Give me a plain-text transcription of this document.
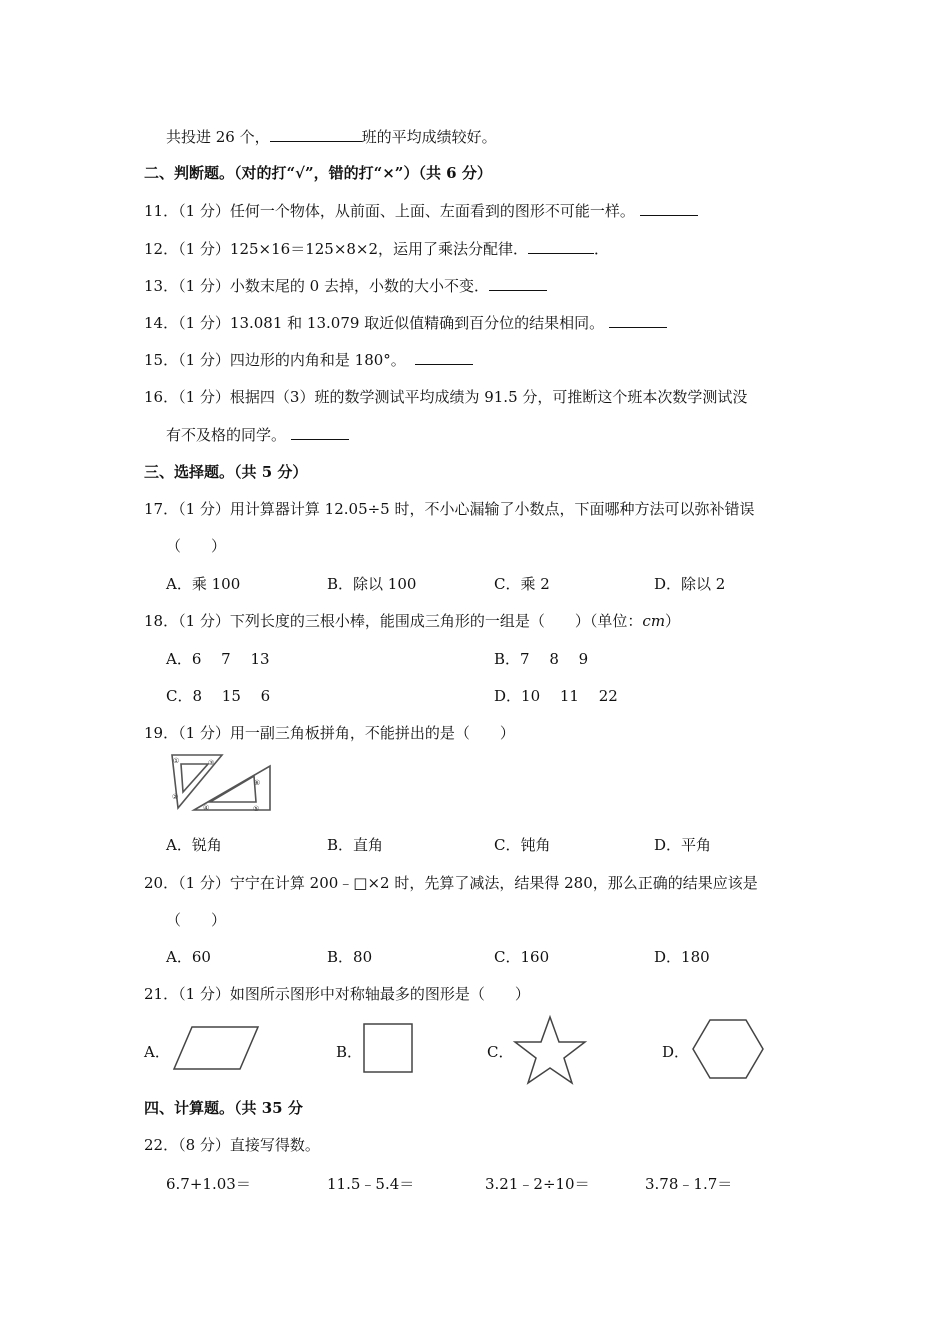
共投进 26 个，	班的平均成绩较好。
二、判断题。（对的打“√”，错的打“×”）（共 6 分）
11．（1 分）任何一个物体，从前面、上面、左面看到的图形不可能一样。
12．（1 分）125×16＝125×8×2，运用了乘法分配律．	．
13．（1 分）小数末尾的 0 去掉，小数的大小不变．
14．（1 分）13.081 和 13.079 取近似值精确到百分位的结果相同。
15．（1 分）四边形的内角和是 180°。
16．（1 分）根据四（3）班的数学测试平均成绩为 91.5 分，可推断这个班本次数学测试没
有不及格的同学。
三、选择题。（共 5 分）
17．（1 分）用计算器计算 12.05÷5 时，不小心漏输了小数点，下面哪种方法可以弥补错误
（　　）
A．乘 100	B．除以 100	C．乘 2	D．除以 2
18．（1 分）下列长度的三根小棒，能围成三角形的一组是（　　）（单位：cm）
A．6　 7　 13	B．7　 8　 9
C．8　 15　 6	D．10　 11　 22
19．（1 分）用一副三角板拼角，不能拼出的是（　　）
①
②
③
④	⑤
⑥
A．锐角	B．直角	C．钝角	D．平角
20．（1 分）宁宁在计算 200﹣□×2 时，先算了减法，结果得 280，那么正确的结果应该是
（　　）
A．60	B．80	C．160	D．180
21．（1 分）如图所示图形中对称轴最多的图形是（　　）
A．	B．	C．	D．
四、计算题。（共 35 分
22．（8 分）直接写得数。
6.7+1.03＝	11.5﹣5.4＝	3.21﹣2÷10＝	3.78﹣1.7＝
